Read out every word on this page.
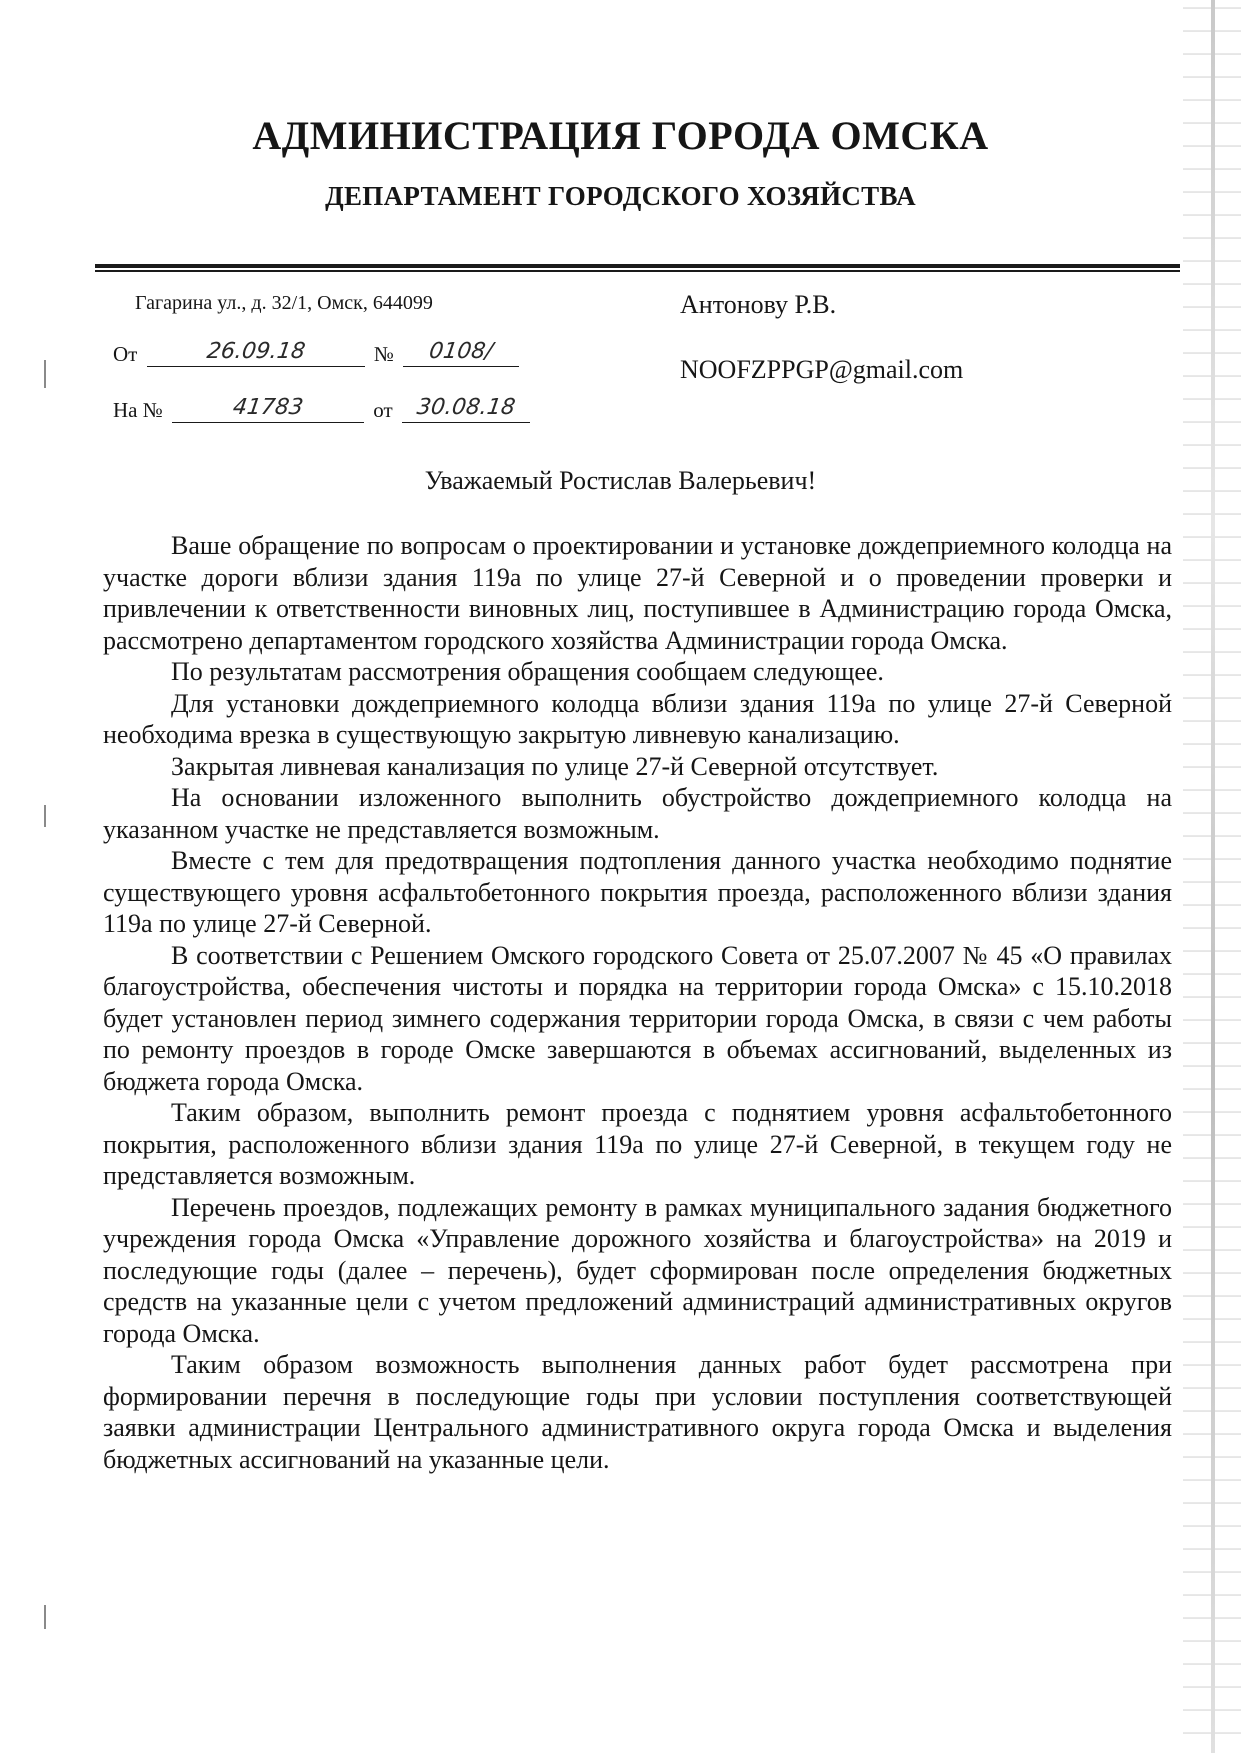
АДМИНИСТРАЦИЯ ГОРОДА ОМСКА
ДЕПАРТАМЕНТ ГОРОДСКОГО ХОЗЯЙСТВА
Гагарина ул., д. 32/1, Омск, 644099
От	26.09.18	№	0108/
На №	41783	от	30.08.18
Антонову Р.В.
NOOFZPPGP@gmail.com

Уважаемый Ростислав Валерьевич!

Ваше обращение по вопросам о проектировании и установке дождеприемного колодца на участке дороги вблизи здания 119а по улице 27-й Северной и о проведении проверки и привлечении к ответственности виновных лиц, поступившее в Администрацию города Омска, рассмотрено департаментом городского хозяйства Администрации города Омска.

По результатам рассмотрения обращения сообщаем следующее.

Для установки дождеприемного колодца вблизи здания 119а по улице 27-й Северной необходима врезка в существующую закрытую ливневую канализацию.

Закрытая ливневая канализация по улице 27-й Северной отсутствует.

На основании изложенного выполнить обустройство дождеприемного колодца на указанном участке не представляется возможным.

Вместе с тем для предотвращения подтопления данного участка необходимо поднятие существующего уровня асфальтобетонного покрытия проезда, расположенного вблизи здания 119а по улице 27-й Северной.

В соответствии с Решением Омского городского Совета от 25.07.2007 № 45 «О правилах благоустройства, обеспечения чистоты и порядка на территории города Омска» с 15.10.2018 будет установлен период зимнего содержания территории города Омска, в связи с чем работы по ремонту проездов в городе Омске завершаются в объемах ассигнований, выделенных из бюджета города Омска.

Таким образом, выполнить ремонт проезда с поднятием уровня асфальтобетонного покрытия, расположенного вблизи здания 119а по улице 27-й Северной, в текущем году не представляется возможным.

Перечень проездов, подлежащих ремонту в рамках муниципального задания бюджетного учреждения города Омска «Управление дорожного хозяйства и благоустройства» на 2019 и последующие годы (далее – перечень), будет сформирован после определения бюджетных средств на указанные цели с учетом предложений администраций административных округов города Омска.

Таким образом возможность выполнения данных работ будет рассмотрена при формировании перечня в последующие годы при условии поступления соответствующей заявки администрации Центрального административного округа города Омска и выделения бюджетных ассигнований на указанные цели.
